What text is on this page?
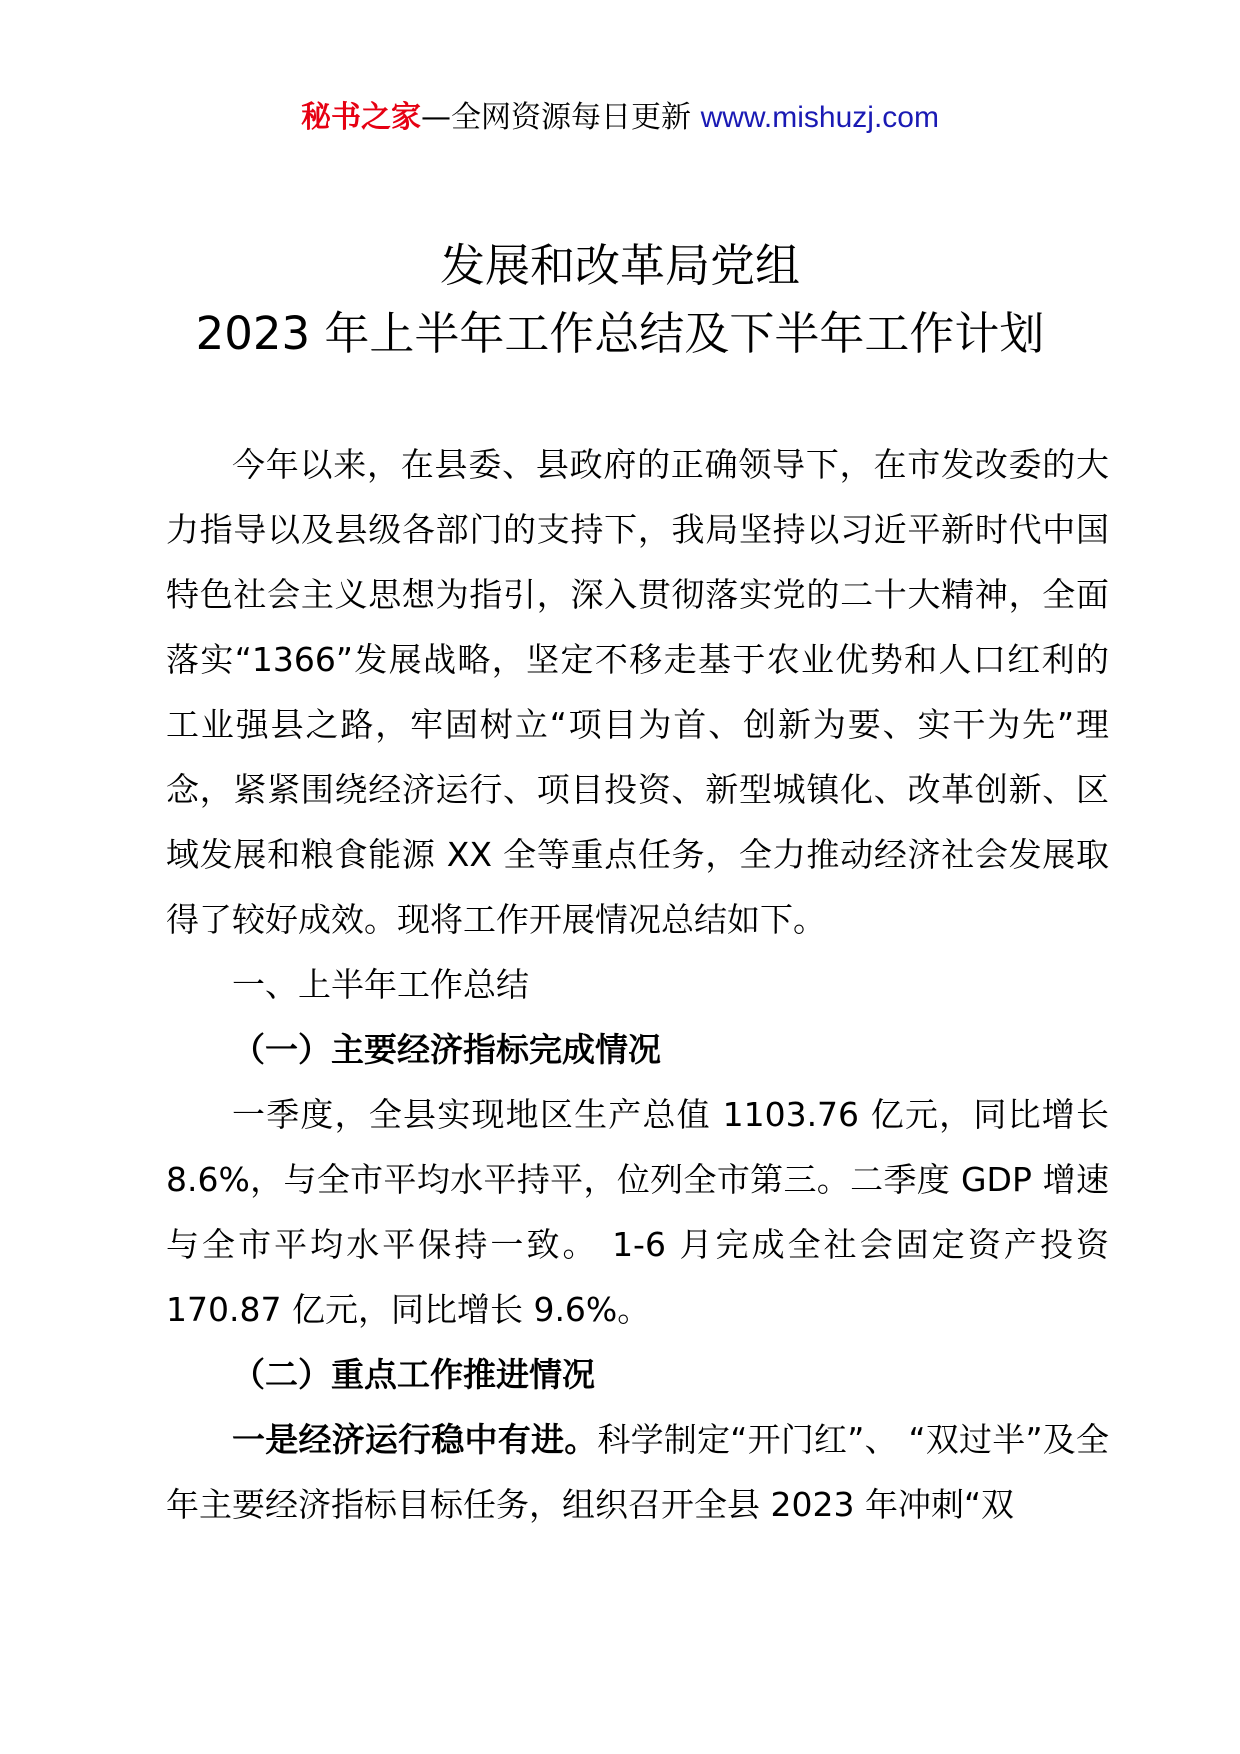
秘书之家—全网资源每日更新 www.mishuzj.com
发展和改革局党组
2023 年上半年工作总结及下半年工作计划

今年以来，在县委、县政府的正确领导下，在市发改委的大力指导以及县级各部门的支持下，我局坚持以习近平新时代中国特色社会主义思想为指引，深入贯彻落实党的二十大精神，全面落实“1366”发展战略，坚定不移走基于农业优势和人口红利的工业强县之路，牢固树立“项目为首、创新为要、实干为先”理念，紧紧围绕经济运行、项目投资、新型城镇化、改革创新、区域发展和粮食能源 XX 全等重点任务，全力推动经济社会发展取得了较好成效。现将工作开展情况总结如下。

一、上半年工作总结

（一）主要经济指标完成情况

一季度，全县实现地区生产总值 1103.76 亿元，同比增长 8.6%，与全市平均水平持平，位列全市第三。二季度 GDP 增速与全市平均水平保持一致。 1-6 月完成全社会固定资产投资 170.87 亿元，同比增长 9.6%。

（二）重点工作推进情况

一是经济运行稳中有进。科学制定“开门红”、 “双过半”及全年主要经济指标目标任务，组织召开全县 2023 年冲刺“双
